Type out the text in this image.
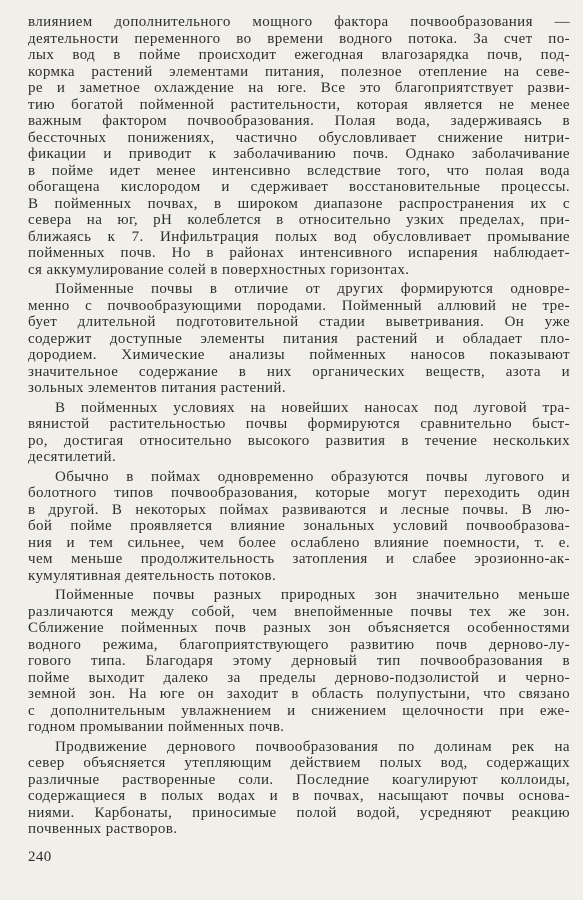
влиянием дополнительного мощного фактора почвообразования —
деятельности переменного во времени водного потока. За счет по-
лых вод в пойме происходит ежегодная влагозарядка почв, под-
кормка растений элементами питания, полезное отепление на севе-
ре и заметное охлаждение на юге. Все это благоприятствует разви-
тию богатой пойменной растительности, которая является не менее
важным фактором почвообразования. Полая вода, задерживаясь в
бессточных понижениях, частично обусловливает снижение нитри-
фикации и приводит к заболачиванию почв. Однако заболачивание
в пойме идет менее интенсивно вследствие того, что полая вода
обогащена кислородом и сдерживает восстановительные процессы.
В пойменных почвах, в широком диапазоне распространения их с
севера на юг, pH колеблется в относительно узких пределах, при-
ближаясь к 7. Инфильтрация полых вод обусловливает промывание
пойменных почв. Но в районах интенсивного испарения наблюдает-
ся аккумулирование солей в поверхностных горизонтах.
Пойменные почвы в отличие от других формируются одновре-
менно с почвообразующими породами. Пойменный аллювий не тре-
бует длительной подготовительной стадии выветривания. Он уже
содержит доступные элементы питания растений и обладает пло-
дородием. Химические анализы пойменных наносов показывают
значительное содержание в них органических веществ, азота и
зольных элементов питания растений.
В пойменных условиях на новейших наносах под луговой тра-
вянистой растительностью почвы формируются сравнительно быст-
ро, достигая относительно высокого развития в течение нескольких
десятилетий.
Обычно в поймах одновременно образуются почвы лугового и
болотного типов почвообразования, которые могут переходить один
в другой. В некоторых поймах развиваются и лесные почвы. В лю-
бой пойме проявляется влияние зональных условий почвообразова-
ния и тем сильнее, чем более ослаблено влияние поемности, т. е.
чем меньше продолжительность затопления и слабее эрозионно-ак-
кумулятивная деятельность потоков.
Пойменные почвы разных природных зон значительно меньше
различаются между собой, чем внепойменные почвы тех же зон.
Сближение пойменных почв разных зон объясняется особенностями
водного режима, благоприятствующего развитию почв дерново-лу-
гового типа. Благодаря этому дерновый тип почвообразования в
пойме выходит далеко за пределы дерново-подзолистой и черно-
земной зон. На юге он заходит в область полупустыни, что связано
с дополнительным увлажнением и снижением щелочности при еже-
годном промывании пойменных почв.
Продвижение дернового почвообразования по долинам рек на
север объясняется утепляющим действием полых вод, содержащих
различные растворенные соли. Последние коагулируют коллоиды,
содержащиеся в полых водах и в почвах, насыщают почвы основа-
ниями. Карбонаты, приносимые полой водой, усредняют реакцию
почвенных растворов.
240
